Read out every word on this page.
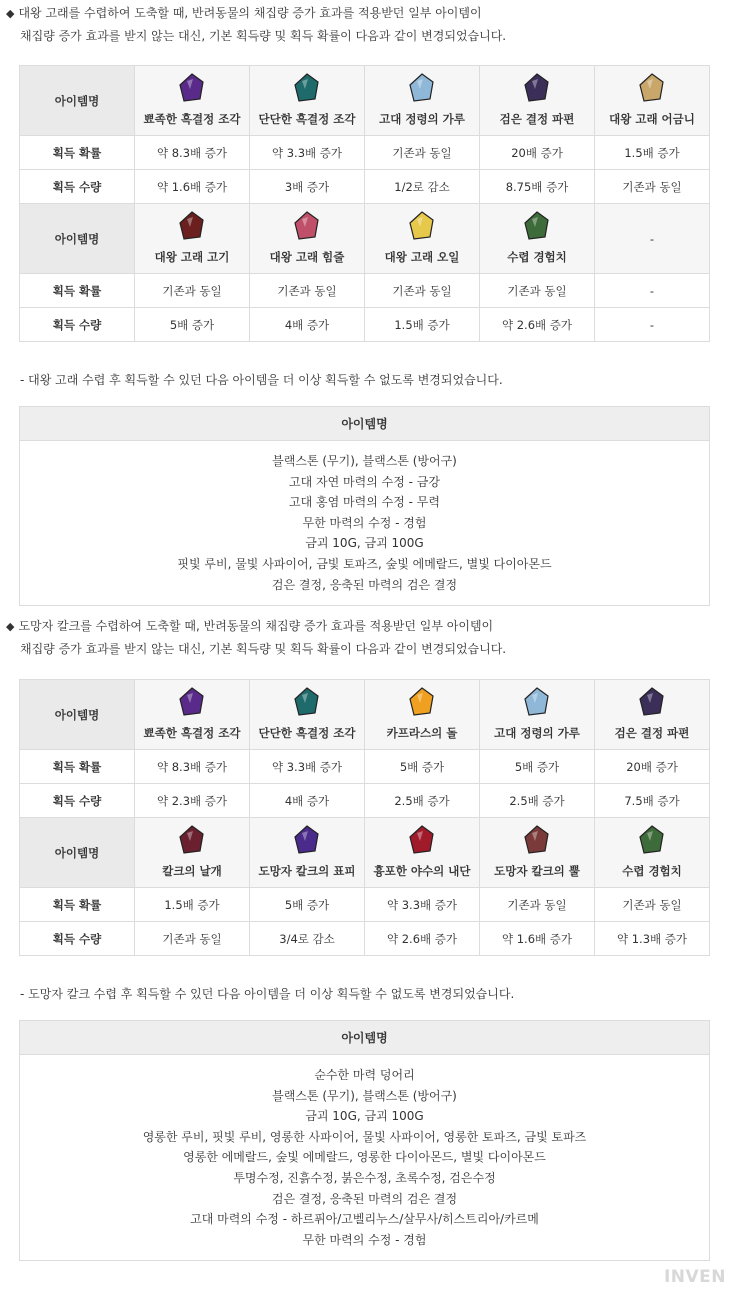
◆ 대왕 고래를 수렵하여 도축할 때, 반려동물의 채집량 증가 효과를 적용받던 일부 아이템이
채집량 증가 효과를 받지 않는 대신, 기본 획득량 및 획득 확률이 다음과 같이 변경되었습니다.
아이템명	뾰족한 흑결정 조각	단단한 흑결정 조각	고대 정령의 가루	검은 결정 파편	대왕 고래 어금니
획득 확률	약 8.3배 증가	약 3.3배 증가	기존과 동일	20배 증가	1.5배 증가
획득 수량	약 1.6배 증가	3배 증가	1/2로 감소	8.75배 증가	기존과 동일
아이템명	대왕 고래 고기	대왕 고래 힘줄	대왕 고래 오일	수렵 경험치	-
획득 확률	기존과 동일	기존과 동일	기존과 동일	기존과 동일	-
획득 수량	5배 증가	4배 증가	1.5배 증가	약 2.6배 증가	-
- 대왕 고래 수렵 후 획득할 수 있던 다음 아이템을 더 이상 획득할 수 없도록 변경되었습니다.
아이템명

블랙스톤 (무기), 블랙스톤 (방어구)
고대 자연 마력의 수정 - 금강
고대 홍염 마력의 수정 - 무력
무한 마력의 수정 - 경험
금괴 10G, 금괴 100G
핏빛 루비, 물빛 사파이어, 금빛 토파즈, 숲빛 에메랄드, 별빛 다이아몬드
검은 결정, 응축된 마력의 검은 결정
◆ 도망자 칼크를 수렵하여 도축할 때, 반려동물의 채집량 증가 효과를 적용받던 일부 아이템이
채집량 증가 효과를 받지 않는 대신, 기본 획득량 및 획득 확률이 다음과 같이 변경되었습니다.
아이템명	뾰족한 흑결정 조각	단단한 흑결정 조각	카프라스의 돌	고대 정령의 가루	검은 결정 파편
획득 확률	약 8.3배 증가	약 3.3배 증가	5배 증가	5배 증가	20배 증가
획득 수량	약 2.3배 증가	4배 증가	2.5배 증가	2.5배 증가	7.5배 증가
아이템명	칼크의 날개	도망자 칼크의 표피	흉포한 야수의 내단	도망자 칼크의 뿔	수렵 경험치
획득 확률	1.5배 증가	5배 증가	약 3.3배 증가	기존과 동일	기존과 동일
획득 수량	기존과 동일	3/4로 감소	약 2.6배 증가	약 1.6배 증가	약 1.3배 증가
- 도망자 칼크 수렵 후 획득할 수 있던 다음 아이템을 더 이상 획득할 수 없도록 변경되었습니다.
아이템명

순수한 마력 덩어리
블랙스톤 (무기), 블랙스톤 (방어구)
금괴 10G, 금괴 100G
영롱한 루비, 핏빛 루비, 영롱한 사파이어, 물빛 사파이어, 영롱한 토파즈, 금빛 토파즈
영롱한 에메랄드, 숲빛 에메랄드, 영롱한 다이아몬드, 별빛 다이아몬드
투명수정, 진흙수정, 붉은수정, 초록수정, 검은수정
검은 결정, 응축된 마력의 검은 결정
고대 마력의 수정 - 하르퓌아/고벨리누스/살무사/히스트리아/카르메
무한 마력의 수정 - 경험
INVEN
